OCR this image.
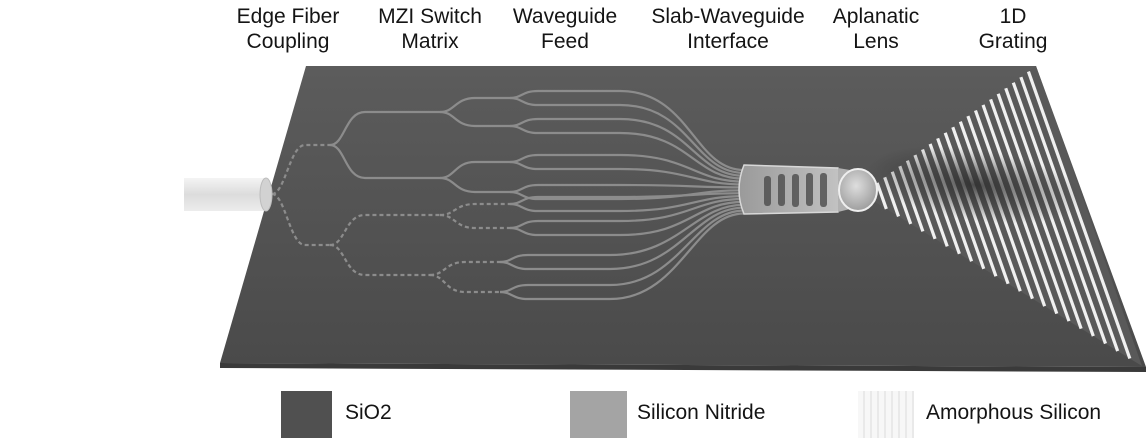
Edge Fiber
Coupling
MZI Switch
Matrix
Waveguide
Feed
Slab-Waveguide
Interface
Aplanatic
Lens
1D
Grating
SiO2	Silicon Nitride	Amorphous Silicon
